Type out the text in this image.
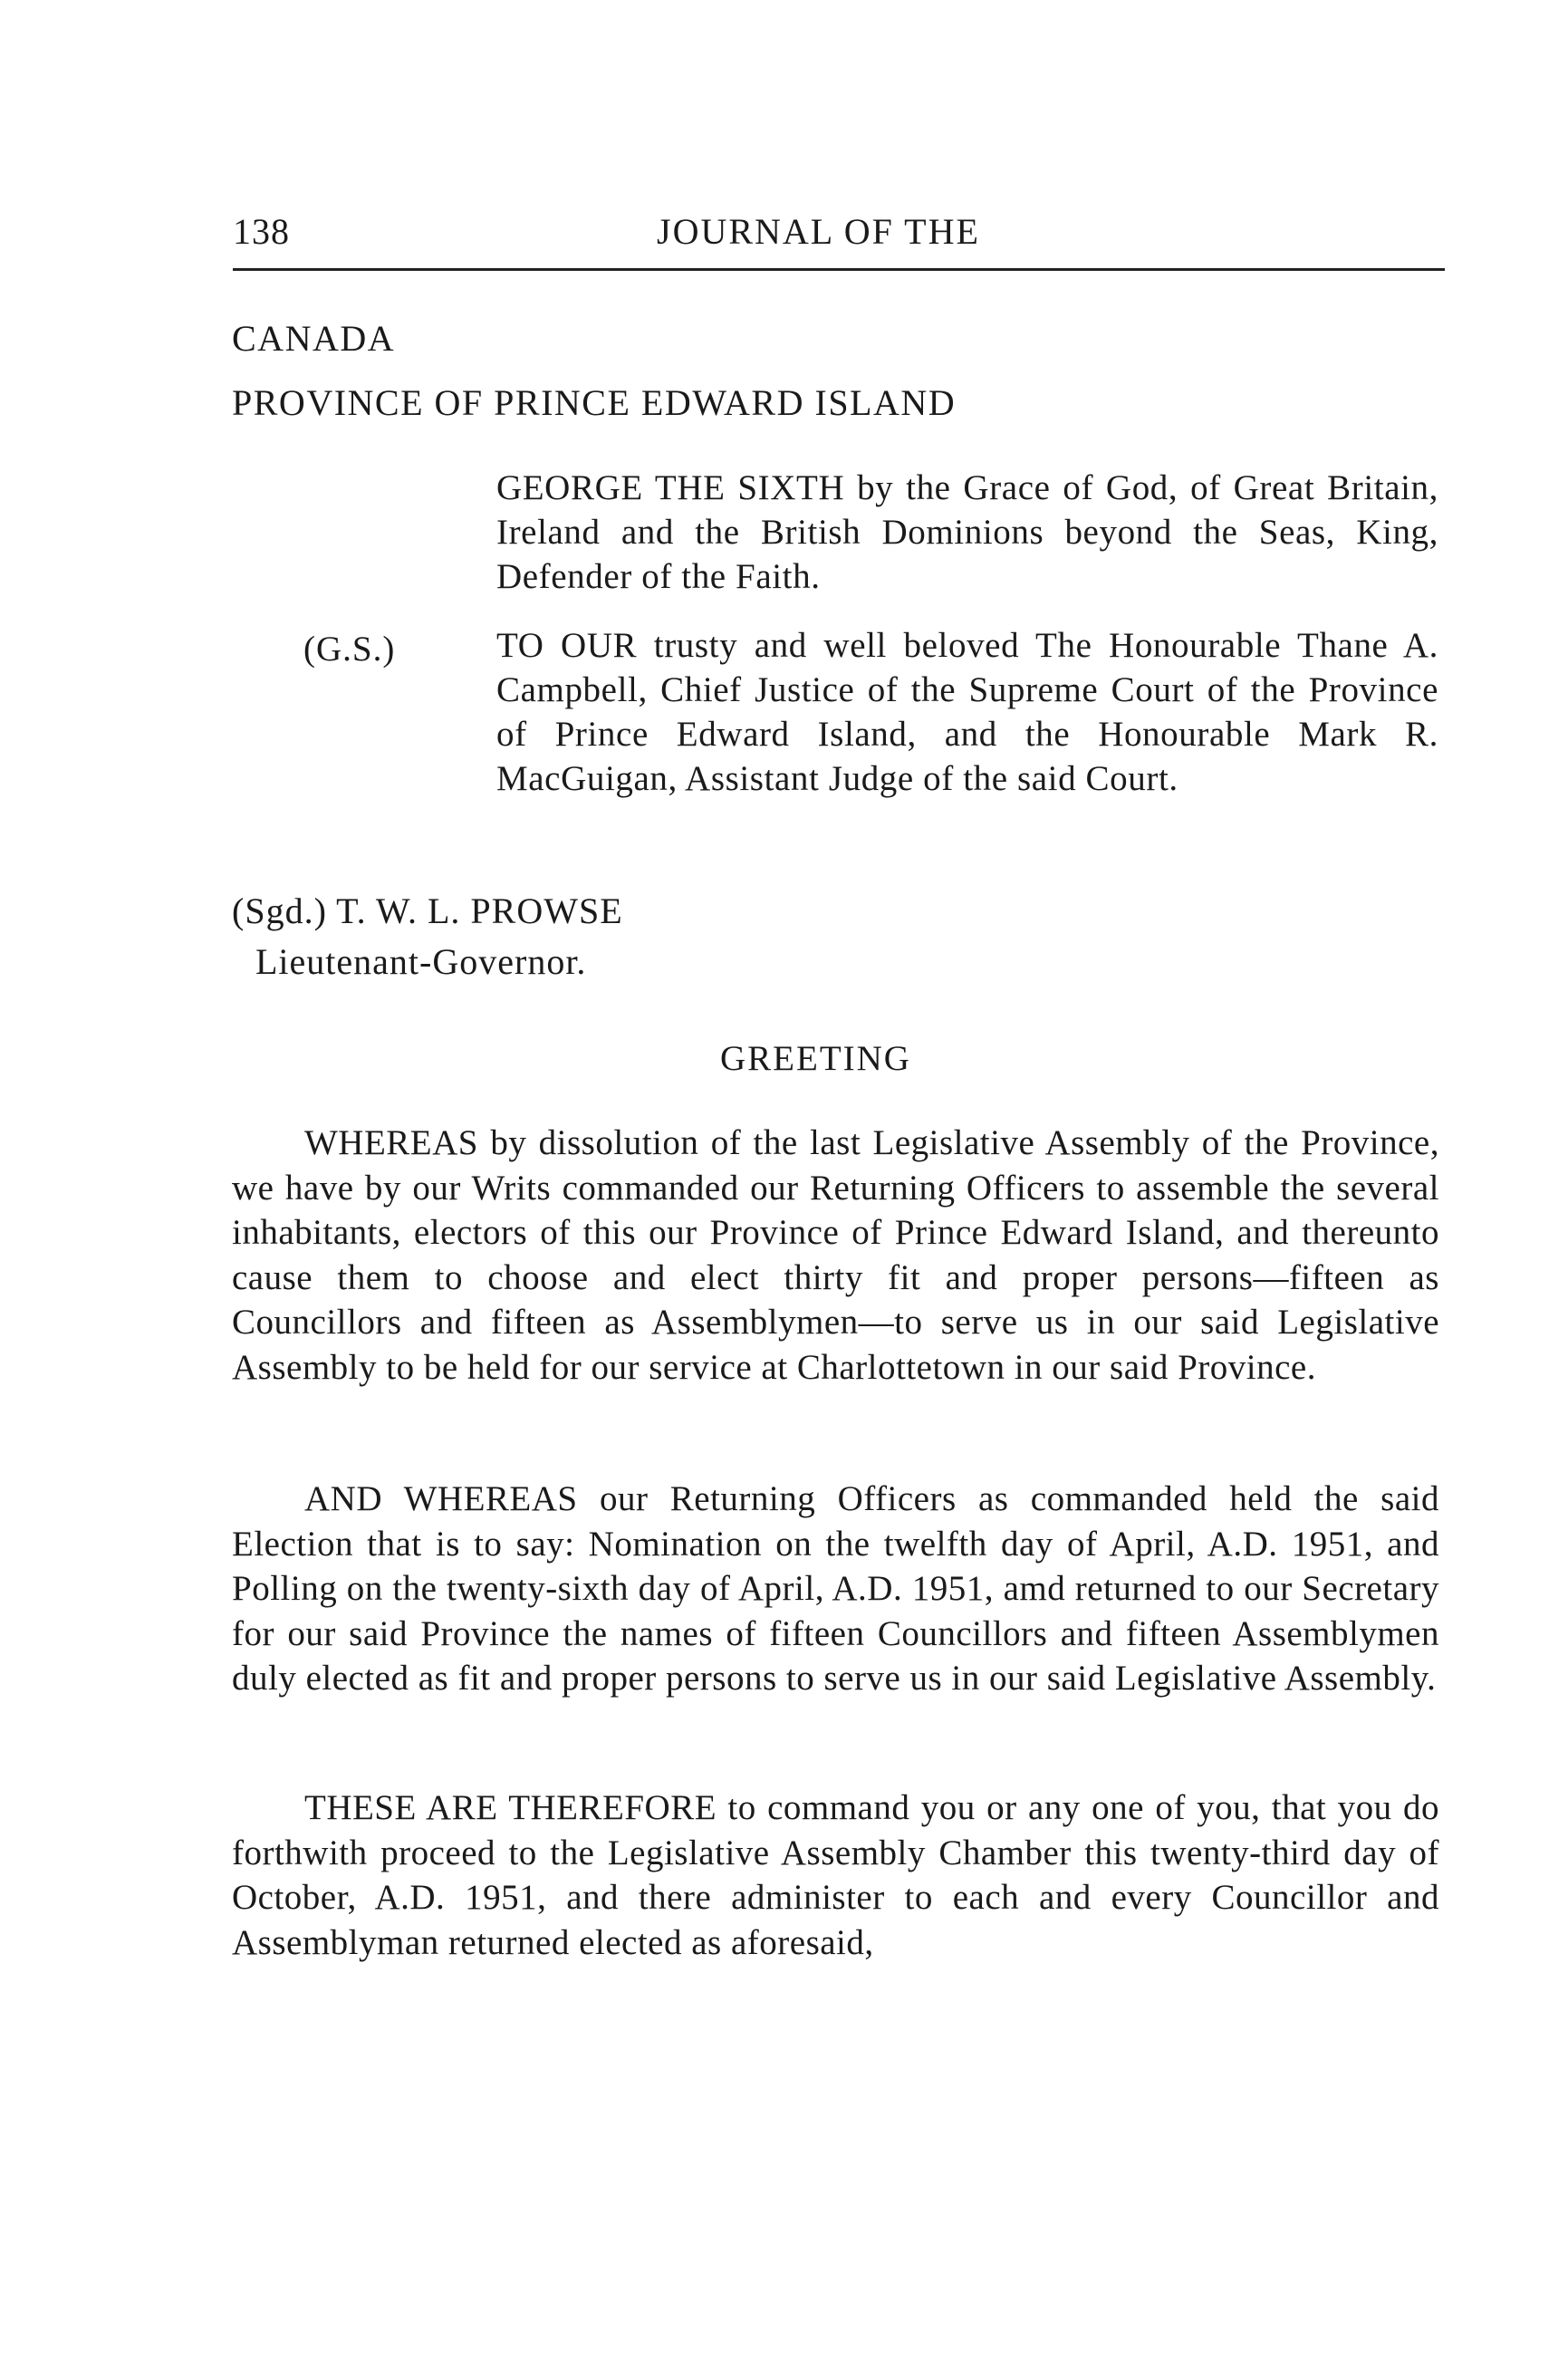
138	JOURNAL OF THE
CANADA
PROVINCE OF PRINCE EDWARD ISLAND
GEORGE THE SIXTH by the Grace of God, of Great Britain, Ireland and the British Dominions beyond the Seas, King, Defender of the Faith.
(G.S.)	TO OUR trusty and well beloved The Honourable Thane A. Campbell, Chief Justice of the Supreme Court of the Province of Prince Edward Island, and the Honourable Mark R. MacGuigan, Assistant Judge of the said Court.
(Sgd.) T. W. L. PROWSE
Lieutenant-Governor.
GREETING
WHEREAS by dissolution of the last Legislative Assembly of the Province, we have by our Writs commanded our Returning Officers to assemble the several inhabitants, electors of this our Province of Prince Edward Island, and thereunto cause them to choose and elect thirty fit and proper persons—fifteen as Councillors and fifteen as Assemblymen—to serve us in our said Legislative Assembly to be held for our service at Charlottetown in our said Province.
AND WHEREAS our Returning Officers as commanded held the said Election that is to say: Nomination on the twelfth day of April, A.D. 1951, and Polling on the twenty-sixth day of April, A.D. 1951, amd returned to our Secretary for our said Province the names of fifteen Councillors and fifteen Assemblymen duly elected as fit and proper persons to serve us in our said Legislative Assembly.
THESE ARE THEREFORE to command you or any one of you, that you do forthwith proceed to the Legislative Assembly Chamber this twenty-third day of October, A.D. 1951, and there administer to each and every Councillor and Assemblyman returned elected as aforesaid,
